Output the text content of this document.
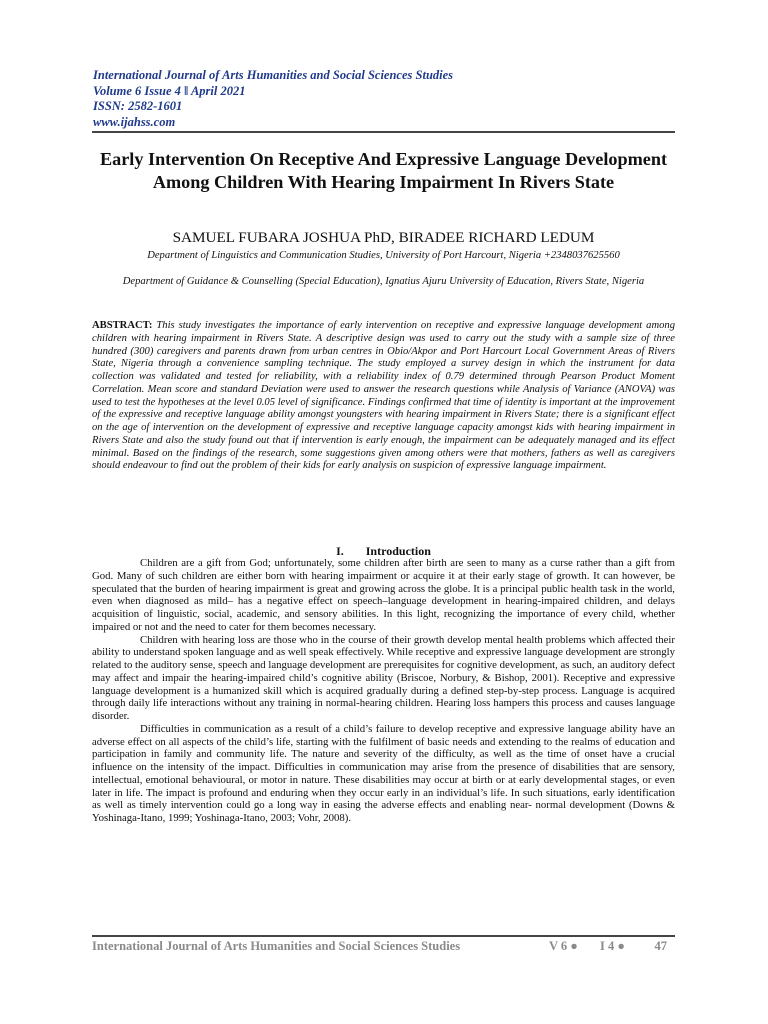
International Journal of Arts Humanities and Social Sciences Studies
Volume 6 Issue 4 ǁ April 2021
ISSN: 2582-1601
www.ijahss.com
Early Intervention On Receptive And Expressive Language Development Among Children With Hearing Impairment In Rivers State
SAMUEL FUBARA JOSHUA PhD, BIRADEE RICHARD LEDUM
Department of Linguistics and Communication Studies, University of Port Harcourt, Nigeria +2348037625560
Department of Guidance & Counselling (Special Education), Ignatius Ajuru University of Education, Rivers State, Nigeria
ABSTRACT: This study investigates the importance of early intervention on receptive and expressive language development among children with hearing impairment in Rivers State. A descriptive design was used to carry out the study with a sample size of three hundred (300) caregivers and parents drawn from urban centres in Obio/Akpor and Port Harcourt Local Government Areas of Rivers State, Nigeria through a convenience sampling technique. The study employed a survey design in which the instrument for data collection was validated and tested for reliability, with a reliability index of 0.79 determined through Pearson Product Moment Correlation. Mean score and standard Deviation were used to answer the research questions while Analysis of Variance (ANOVA) was used to test the hypotheses at the level 0.05 level of significance. Findings confirmed that time of identity is important at the improvement of the expressive and receptive language ability amongst youngsters with hearing impairment in Rivers State; there is a significant effect on the age of intervention on the development of expressive and receptive language capacity amongst kids with hearing impairment in Rivers State and also the study found out that if intervention is early enough, the impairment can be adequately managed and its effect minimal. Based on the findings of the research, some suggestions given among others were that mothers, fathers as well as caregivers should endeavour to find out the problem of their kids for early analysis on suspicion of expressive language impairment.
I. Introduction

Children are a gift from God; unfortunately, some children after birth are seen to many as a curse rather than a gift from God. Many of such children are either born with hearing impairment or acquire it at their early stage of growth. It can however, be speculated that the burden of hearing impairment is great and growing across the globe. It is a principal public health task in the world, even when diagnosed as mild– has a negative effect on speech–language development in hearing-impaired children, and delays acquisition of linguistic, social, academic, and sensory abilities. In this light, recognizing the importance of every child, whether impaired or not and the need to cater for them becomes necessary.

Children with hearing loss are those who in the course of their growth develop mental health problems which affected their ability to understand spoken language and as well speak effectively. While receptive and expressive language development are strongly related to the auditory sense, speech and language development are prerequisites for cognitive development, as such, an auditory defect may affect and impair the hearing-impaired child’s cognitive ability (Briscoe, Norbury, & Bishop, 2001). Receptive and expressive language development is a humanized skill which is acquired gradually during a defined step-by-step process. Language is acquired through daily life interactions without any training in normal-hearing children. Hearing loss hampers this process and causes language disorder.

Difficulties in communication as a result of a child’s failure to develop receptive and expressive language ability have an adverse effect on all aspects of the child’s life, starting with the fulfilment of basic needs and extending to the realms of education and participation in family and community life. The nature and severity of the difficulty, as well as the time of onset have a crucial influence on the intensity of the impact. Difficulties in communication may arise from the presence of disabilities that are sensory, intellectual, emotional behavioural, or motor in nature. These disabilities may occur at birth or at early developmental stages, or even later in life. The impact is profound and enduring when they occur early in an individual’s life. In such situations, early identification as well as timely intervention could go a long way in easing the adverse effects and enabling near- normal development (Downs & Yoshinaga-Itano, 1999; Yoshinaga-Itano, 2003; Vohr, 2008).

International Journal of Arts Humanities and Social Sciences Studies	V 6 ● I 4 ● 47
